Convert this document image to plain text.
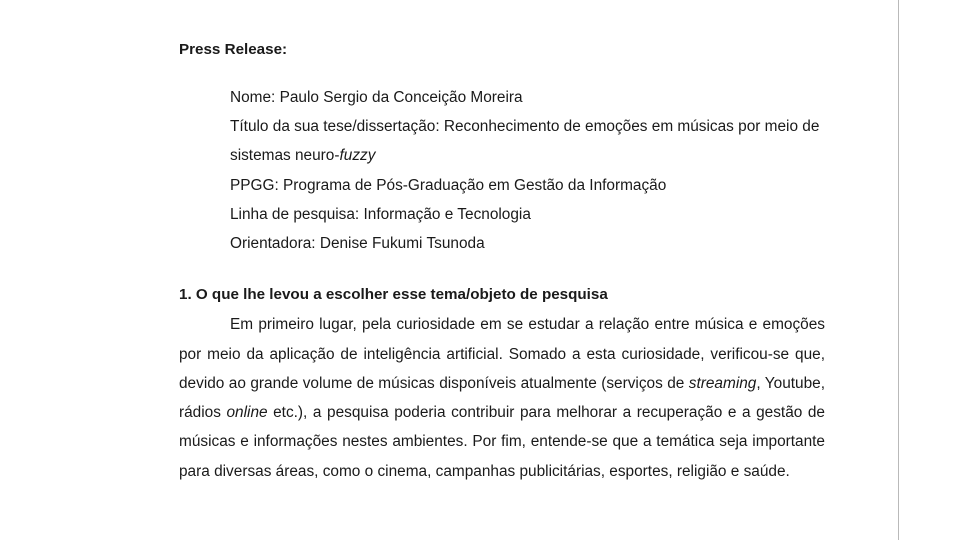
Press Release:

Nome: Paulo Sergio da Conceição Moreira
Título da sua tese/dissertação: Reconhecimento de emoções em músicas por meio de sistemas neuro-fuzzy
PPGG: Programa de Pós-Graduação em Gestão da Informação
Linha de pesquisa: Informação e Tecnologia
Orientadora: Denise Fukumi Tsunoda

1. O que lhe levou a escolher esse tema/objeto de pesquisa

Em primeiro lugar, pela curiosidade em se estudar a relação entre música e emoções por meio da aplicação de inteligência artificial. Somado a esta curiosidade, verificou-se que, devido ao grande volume de músicas disponíveis atualmente (serviços de streaming, Youtube, rádios online etc.), a pesquisa poderia contribuir para melhorar a recuperação e a gestão de músicas e informações nestes ambientes. Por fim, entende-se que a temática seja importante para diversas áreas, como o cinema, campanhas publicitárias, esportes, religião e saúde.
